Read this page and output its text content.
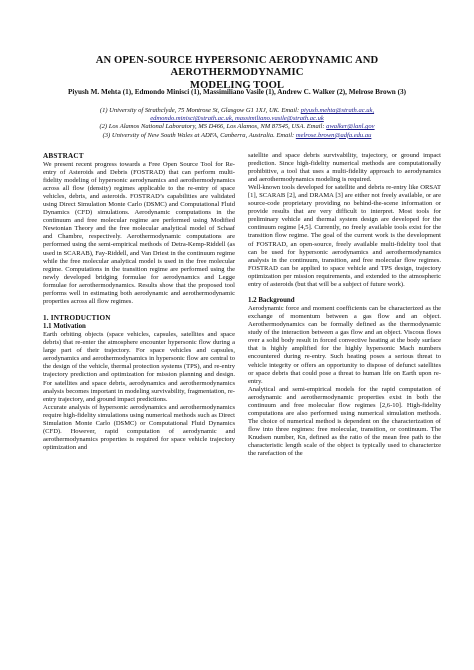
AN OPEN-SOURCE HYPERSONIC AERODYNAMIC AND AEROTHERMODYNAMIC
MODELING TOOL
Piyush M. Mehta (1), Edmondo Minisci (1), Massimiliano Vasile (1), Andrew C. Walker (2), Melrose Brown (3)
(1) University of Strathclyde, 75 Montrose St, Glasgow G1 1XJ, UK. Email: piyush.mehta@strath.ac.uk,
edmondo.minisci@strath.ac.uk, massimiliano.vasile@strath.ac.uk
(2) Los Alamos National Laboratory, MS D466, Los Alamos, NM 87545, USA. Email: awalker@lanl.gov
(3) University of New South Wales at ADFA, Canberra, Australia. Email: melrose.brown@adfa.edu.au
ABSTRACT

We present recent progress towards a Free Open Source Tool for Re-entry of Asteroids and Debris (FOSTRAD) that can perform multi-fidelity modeling of hypersonic aerodynamics and aerothermodynamics across all flow (density) regimes applicable to the re-entry of space vehicles, debris, and asteroids. FOSTRAD’s capabilities are validated using Direct Simulation Monte Carlo (DSMC) and Computational Fluid Dynamics (CFD) simulations. Aerodynamic computations in the continuum and free molecular regime are performed using Modified Newtonian Theory and the free molecular analytical model of Schaaf and Chambre, respectively. Aerothermodynamic computations are performed using the semi-empirical methods of Detra-Kemp-Riddell (as used in SCARAB), Fay-Riddell, and Van Driest in the continuum regime while the free molecular analytical model is used in the free molecular regime. Computations in the transition regime are performed using the newly developed bridging formulae for aerodynamics and Legge formulae for aerothermodynamics. Results show that the proposed tool performs well in estimating both aerodynamic and aerothermodynamic properties across all flow regimes.

1. INTRODUCTION
1.1 Motivation

Earth orbiting objects (space vehicles, capsules, satellites and space debris) that re-enter the atmosphere encounter hypersonic flow during a large part of their trajectory. For space vehicles and capsules, aerodynamics and aerothermodynamics in hypersonic flow are central to the design of the vehicle, thermal protection systems (TPS), and re-entry trajectory prediction and optimization for mission planning and design. For satellites and space debris, aerodynamics and aerothermodynamics analysis becomes important in modeling survivability, fragmentation, re-entry trajectory, and ground impact predictions.

Accurate analysis of hypersonic aerodynamics and aerothermodynamics require high-fidelity simulations using numerical methods such as Direct Simulation Monte Carlo (DSMC) or Computational Fluid Dynamics (CFD). However, rapid computation of aerodynamic and aerothermodynamics properties is required for space vehicle trajectory optimization and

satellite and space debris survivability, trajectory, or ground impact prediction. Since high-fidelity numerical methods are computationally prohibitive, a tool that uses a multi-fidelity approach to aerodynamics and aerothermodynamics modeling is required.

Well-known tools developed for satellite and debris re-entry like ORSAT [1], SCARAB [2], and DRAMA [3] are either not freely available, or are source-code proprietary providing no behind-the-scene information or provide results that are very difficult to interpret. Most tools for preliminary vehicle and thermal system design are developed for the continuum regime [4,5]. Currently, no freely available tools exist for the transition flow regime. The goal of the current work is the development of FOSTRAD, an open-source, freely available multi-fidelity tool that can be used for hypersonic aerodynamics and aerothermodynamics analysis in the continuum, transition, and free molecular flow regimes. FOSTRAD can be applied to space vehicle and TPS design, trajectory optimization per mission requirements, and extended to the atmospheric entry of asteroids (but that will be a subject of future work).

1.2 Background

Aerodynamic force and moment coefficients can be characterized as the exchange of momentum between a gas flow and an object. Aerothermodynamics can be formally defined as the thermodynamic study of the interaction between a gas flow and an object. Viscous flows over a solid body result in forced convective heating at the body surface that is highly amplified for the highly hypersonic Mach numbers encountered during re-entry. Such heating poses a serious threat to vehicle integrity or offers an opportunity to dispose of defunct satellites or space debris that could pose a threat to human life on Earth upon re-entry.

Analytical and semi-empirical models for the rapid computation of aerodynamic and aerothermodynamic properties exist in both the continuum and free molecular flow regimes [2,6-10]. High-fidelity computations are also performed using numerical simulation methods. The choice of numerical method is dependent on the characterization of flow into three regimes: free molecular, transition, or continuum. The Knudsen number, Kn, defined as the ratio of the mean free path to the characteristic length scale of the object is typically used to characterize the rarefaction of the
